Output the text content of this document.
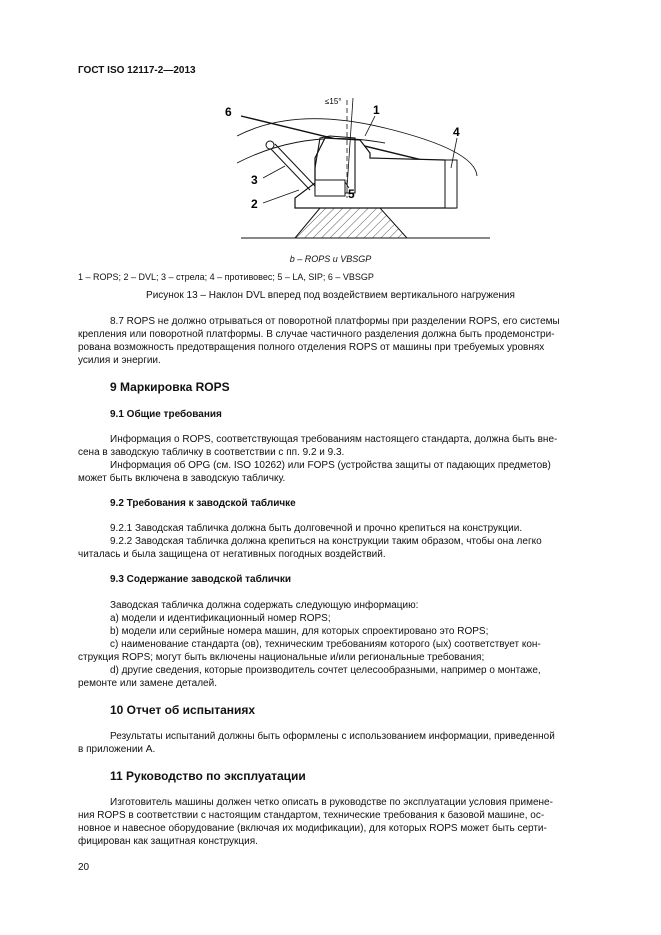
ГОСТ ISO 12117-2—2013
6	1
≤15°
4
3
2
5
b – ROPS и VBSGP
1 – ROPS; 2 – DVL; 3 – стрела; 4 – противовес; 5 – LA, SIP; 6 – VBSGP
Рисунок 13 – Наклон DVL вперед под воздействием вертикального нагружения
8.7 ROPS не должно отрываться от поворотной платформы при разделении ROPS, его системы
крепления или поворотной платформы. В случае частичного разделения должна быть продемонстри-
рована возможность предотвращения полного отделения ROPS от машины при требуемых уровнях
усилия и энергии.
9 Маркировка ROPS
9.1 Общие требования
Информация о ROPS, соответствующая требованиям настоящего стандарта, должна быть вне-
сена в заводскую табличку в соответствии с пп. 9.2 и 9.3.
Информация об OPG (см. ISO 10262) или FOPS (устройства защиты от падающих предметов)
может быть включена в заводскую табличку.
9.2 Требования к заводской табличке
9.2.1 Заводская табличка должна быть долговечной и прочно крепиться на конструкции.
9.2.2 Заводская табличка должна крепиться на конструкции таким образом, чтобы она легко
читалась и была защищена от негативных погодных воздействий.
9.3 Содержание заводской таблички
Заводская табличка должна содержать следующую информацию:
a) модели и идентификационный номер ROPS;
b) модели или серийные номера машин, для которых спроектировано это ROPS;
c) наименование стандарта (ов), техническим требованиям которого (ых) соответствует кон-
струкция ROPS; могут быть включены национальные и/или региональные требования;
d) другие сведения, которые производитель сочтет целесообразными, например о монтаже,
ремонте или замене деталей.
10 Отчет об испытаниях
Результаты испытаний должны быть оформлены с использованием информации, приведенной
в приложении А.
11 Руководство по эксплуатации
Изготовитель машины должен четко описать в руководстве по эксплуатации условия примене-
ния ROPS в соответствии с настоящим стандартом, технические требования к базовой машине, ос-
новное и навесное оборудование (включая их модификации), для которых ROPS может быть серти-
фицирован как защитная конструкция.
20
